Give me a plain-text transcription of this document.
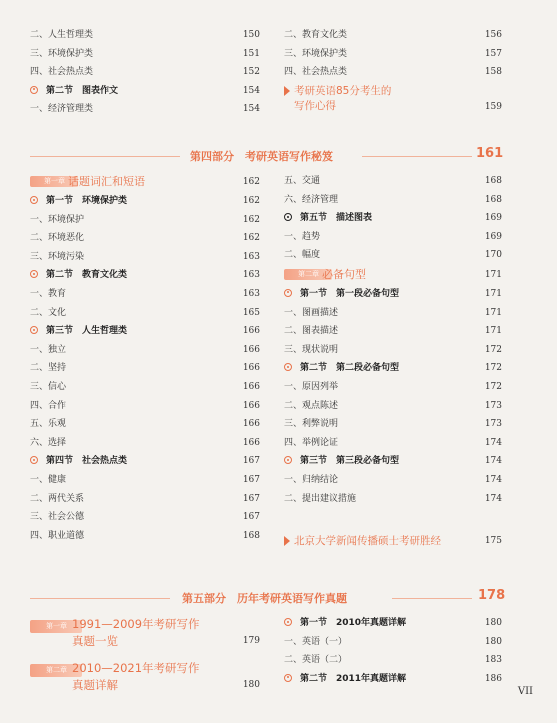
二、人生哲理类	150
三、环境保护类	151
四、社会热点类	152
第二节　图表作文	154
一、经济管理类	154
二、教育文化类	156
三、环境保护类	157
四、社会热点类	158
考研英语85分考生的
写作心得	159
第四部分　考研英语写作秘笈	161
第一章 话题词汇和短语	162
第一节　环境保护类	162
一、环境保护	162
二、环境恶化	162
三、环境污染	163
第二节　教育文化类	163
一、教育	163
二、文化	165
第三节　人生哲理类	166
一、独立	166
二、坚持	166
三、信心	166
四、合作	166
五、乐观	166
六、选择	166
第四节　社会热点类	167
一、健康	167
二、两代关系	167
三、社会公德	167
四、职业道德	168
五、交通	168
六、经济管理	168
第五节　描述图表	169
一、趋势	169
二、幅度	170
第二章 必备句型	171
第一节　第一段必备句型	171
一、图画描述	171
二、图表描述	171
三、现状说明	172
第二节　第二段必备句型	172
一、原因列举	172
二、观点陈述	173
三、利弊说明	173
四、举例论证	174
第三节　第三段必备句型	174
一、归纳结论	174
二、提出建议措施	174
北京大学新闻传播硕士考研胜经	175
第五部分　历年考研英语写作真题	178
第一章 1991—2009年考研写作
真题一览	179
第二章 2010—2021年考研写作
真题详解	180
第一节　2010年真题详解	180
一、英语（一）	180
二、英语（二）	183
第二节　2011年真题详解	186
VII
